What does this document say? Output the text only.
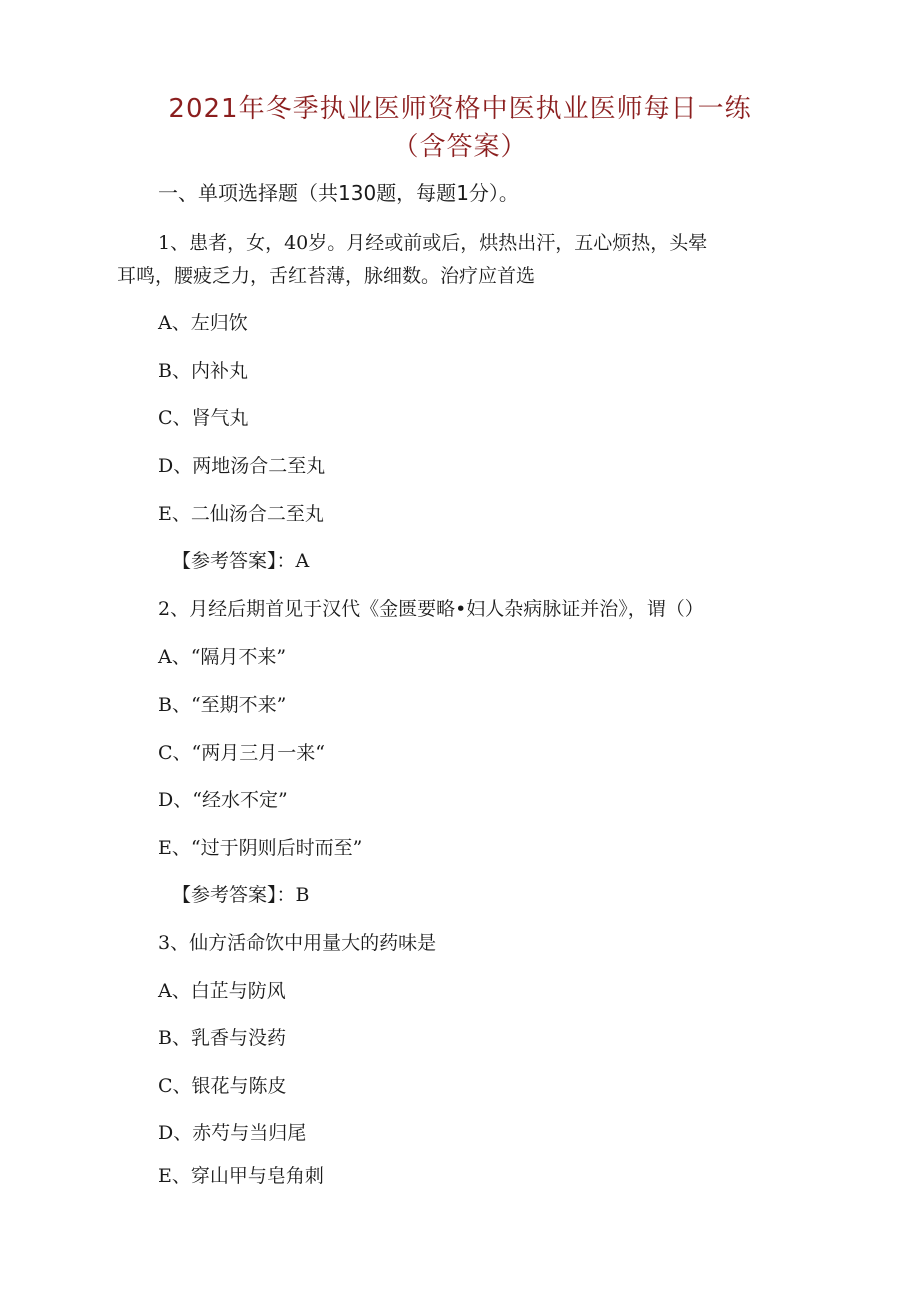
2021年冬季执业医师资格中医执业医师每日一练
（含答案）
一、单项选择题（共130题，每题1分）。
1、患者，女，40岁。月经或前或后，烘热出汗，五心烦热，头晕
耳鸣，腰疲乏力，舌红苔薄，脉细数。治疗应首选
A、左归饮
B、内补丸
C、肾气丸
D、两地汤合二至丸
E、二仙汤合二至丸
【参考答案】：A
2、月经后期首见于汉代《金匮要略•妇人杂病脉证并治》，谓（）
A、“隔月不来”
B、“至期不来”
C、“两月三月一来“
D、“经水不定”
E、“过于阴则后时而至”
【参考答案】：B
3、仙方活命饮中用量大的药味是
A、白芷与防风
B、乳香与没药
C、银花与陈皮
D、赤芍与当归尾
E、穿山甲与皂角刺
